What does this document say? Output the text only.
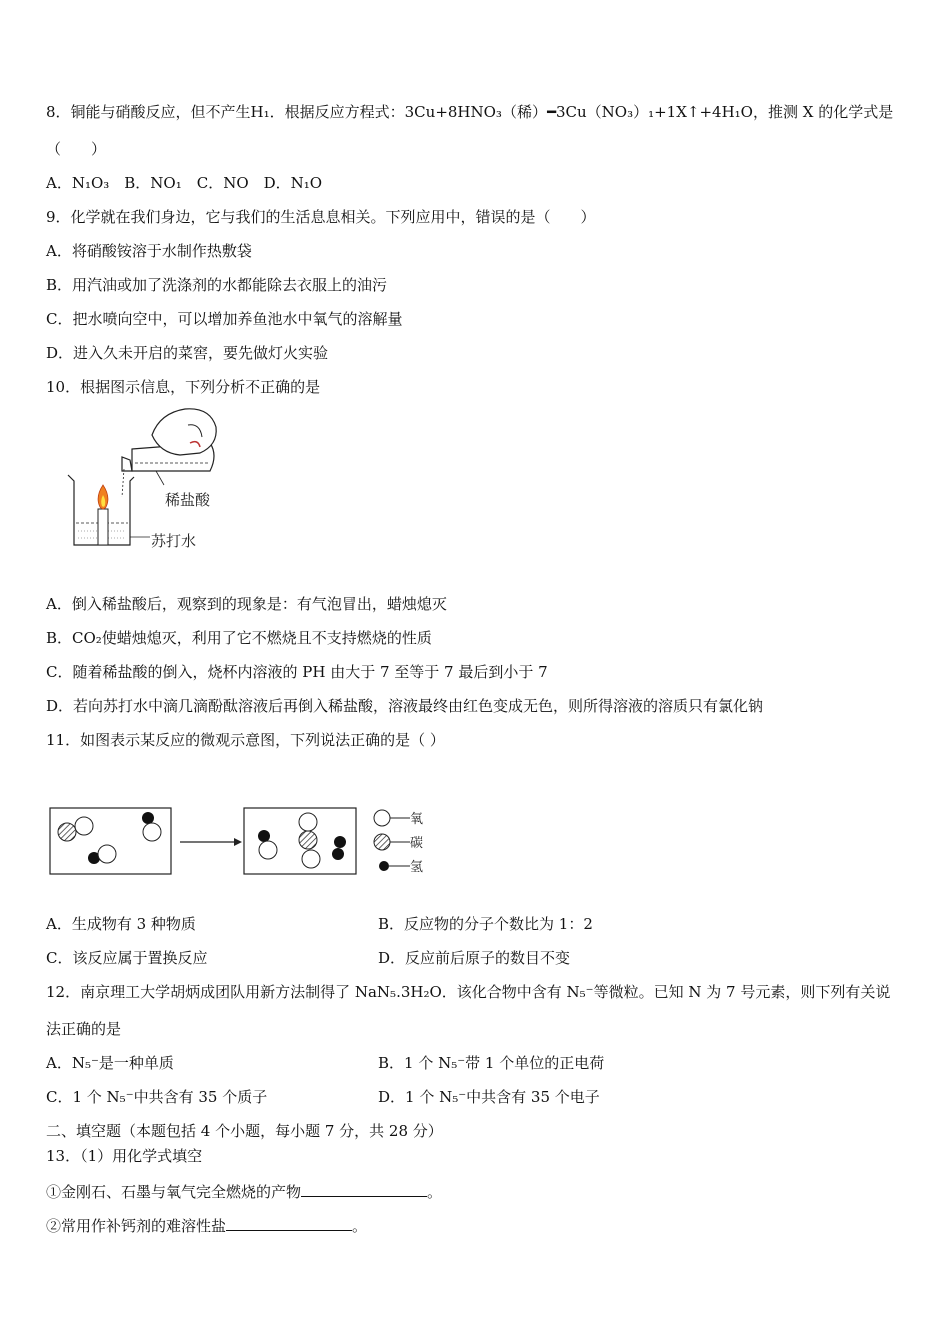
8．铜能与硝酸反应，但不产生H₁．根据反应方程式：3Cu+8HNO₃（稀）━3Cu（NO₃）₁+1X↑+4H₁O，推测 X 的化学式是
（　　）
A．N₁O₃　B．NO₁　C．NO　D．N₁O
9．化学就在我们身边，它与我们的生活息息相关。下列应用中，错误的是（　　）
A．将硝酸铵溶于水制作热敷袋
B．用汽油或加了洗涤剂的水都能除去衣服上的油污
C．把水喷向空中，可以增加养鱼池水中氧气的溶解量
D．进入久未开启的菜窖，要先做灯火实验
10．根据图示信息，下列分析不正确的是
稀盐酸
苏打水
A．倒入稀盐酸后，观察到的现象是：有气泡冒出，蜡烛熄灭
B．CO₂使蜡烛熄灭，利用了它不燃烧且不支持燃烧的性质
C．随着稀盐酸的倒入，烧杯内溶液的 PH 由大于 7 至等于 7 最后到小于 7
D．若向苏打水中滴几滴酚酞溶液后再倒入稀盐酸，溶液最终由红色变成无色，则所得溶液的溶质只有氯化钠
11．如图表示某反应的微观示意图，下列说法正确的是（ ）
氧
碳
氢
A．生成物有 3 种物质	B．反应物的分子个数比为 1：2
C．该反应属于置换反应	D．反应前后原子的数目不变
12．南京理工大学胡炳成团队用新方法制得了 NaN₅.3H₂O．该化合物中含有 N₅⁻等微粒。已知 N 为 7 号元素，则下列有关说
法正确的是
A．N₅⁻是一种单质	B．1 个 N₅⁻带 1 个单位的正电荷
C．1 个 N₅⁻中共含有 35 个质子	D．1 个 N₅⁻中共含有 35 个电子
二、填空题（本题包括 4 个小题，每小题 7 分，共 28 分）
13．（1）用化学式填空
①金刚石、石墨与氧气完全燃烧的产物	。
②常用作补钙剂的难溶性盐	。
